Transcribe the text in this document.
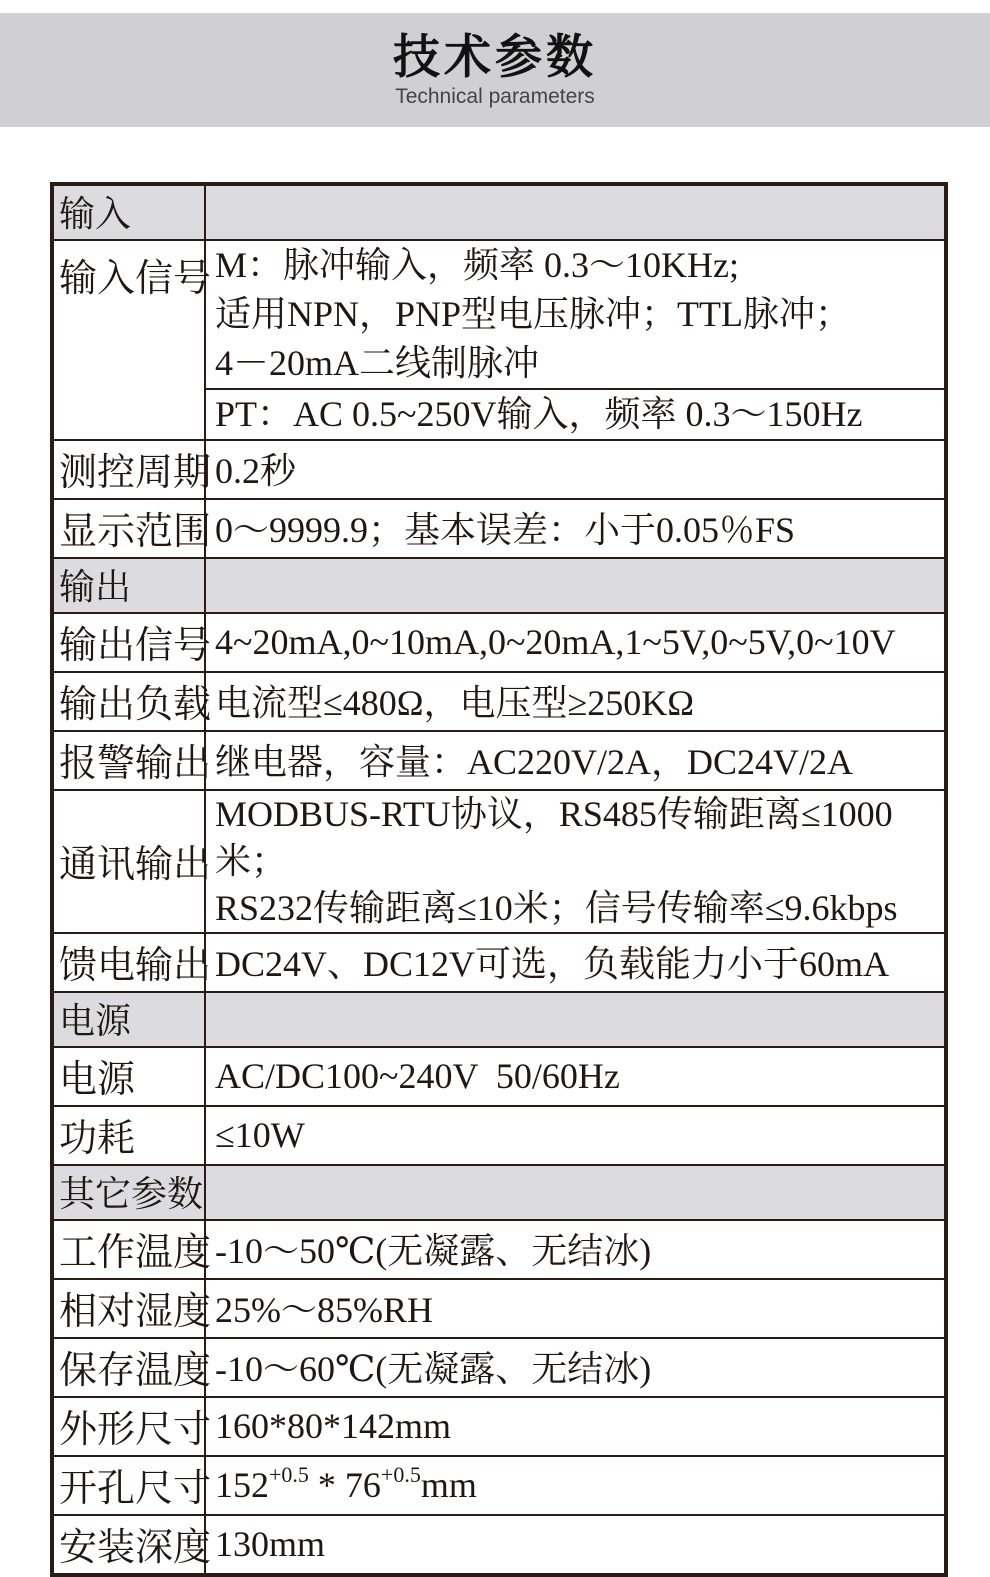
技术参数
Technical parameters
输入
输入信号 M：脉冲输入，频率 0.3～10KHz;
适用NPN，PNP型电压脉冲；TTL脉冲；
4－20mA二线制脉冲
PT：AC 0.5~250V输入，频率 0.3～150Hz
测控周期 0.2秒
显示范围 0～9999.9；基本误差：小于0.05％FS
输出
输出信号 4~20mA,0~10mA,0~20mA,1~5V,0~5V,0~10V
输出负载 电流型≤480Ω，电压型≥250KΩ
报警输出 继电器，容量：AC220V/2A，DC24V/2A
通讯输出
MODBUS-RTU协议，RS485传输距离≤1000米；
RS232传输距离≤10米；信号传输率≤9.6kbps
馈电输出 DC24V、DC12V可选，负载能力小于60mA
电源
电源	AC/DC100~240V  50/60Hz
功耗	≤10W
其它参数
工作温度 -10～50℃(无凝露、无结冰)
相对湿度 25%～85%RH
保存温度 -10～60℃(无凝露、无结冰)
外形尺寸 160*80*142mm
开孔尺寸 $152^{+0.5} * 76^{+0.5}$ mm
安装深度 130mm
